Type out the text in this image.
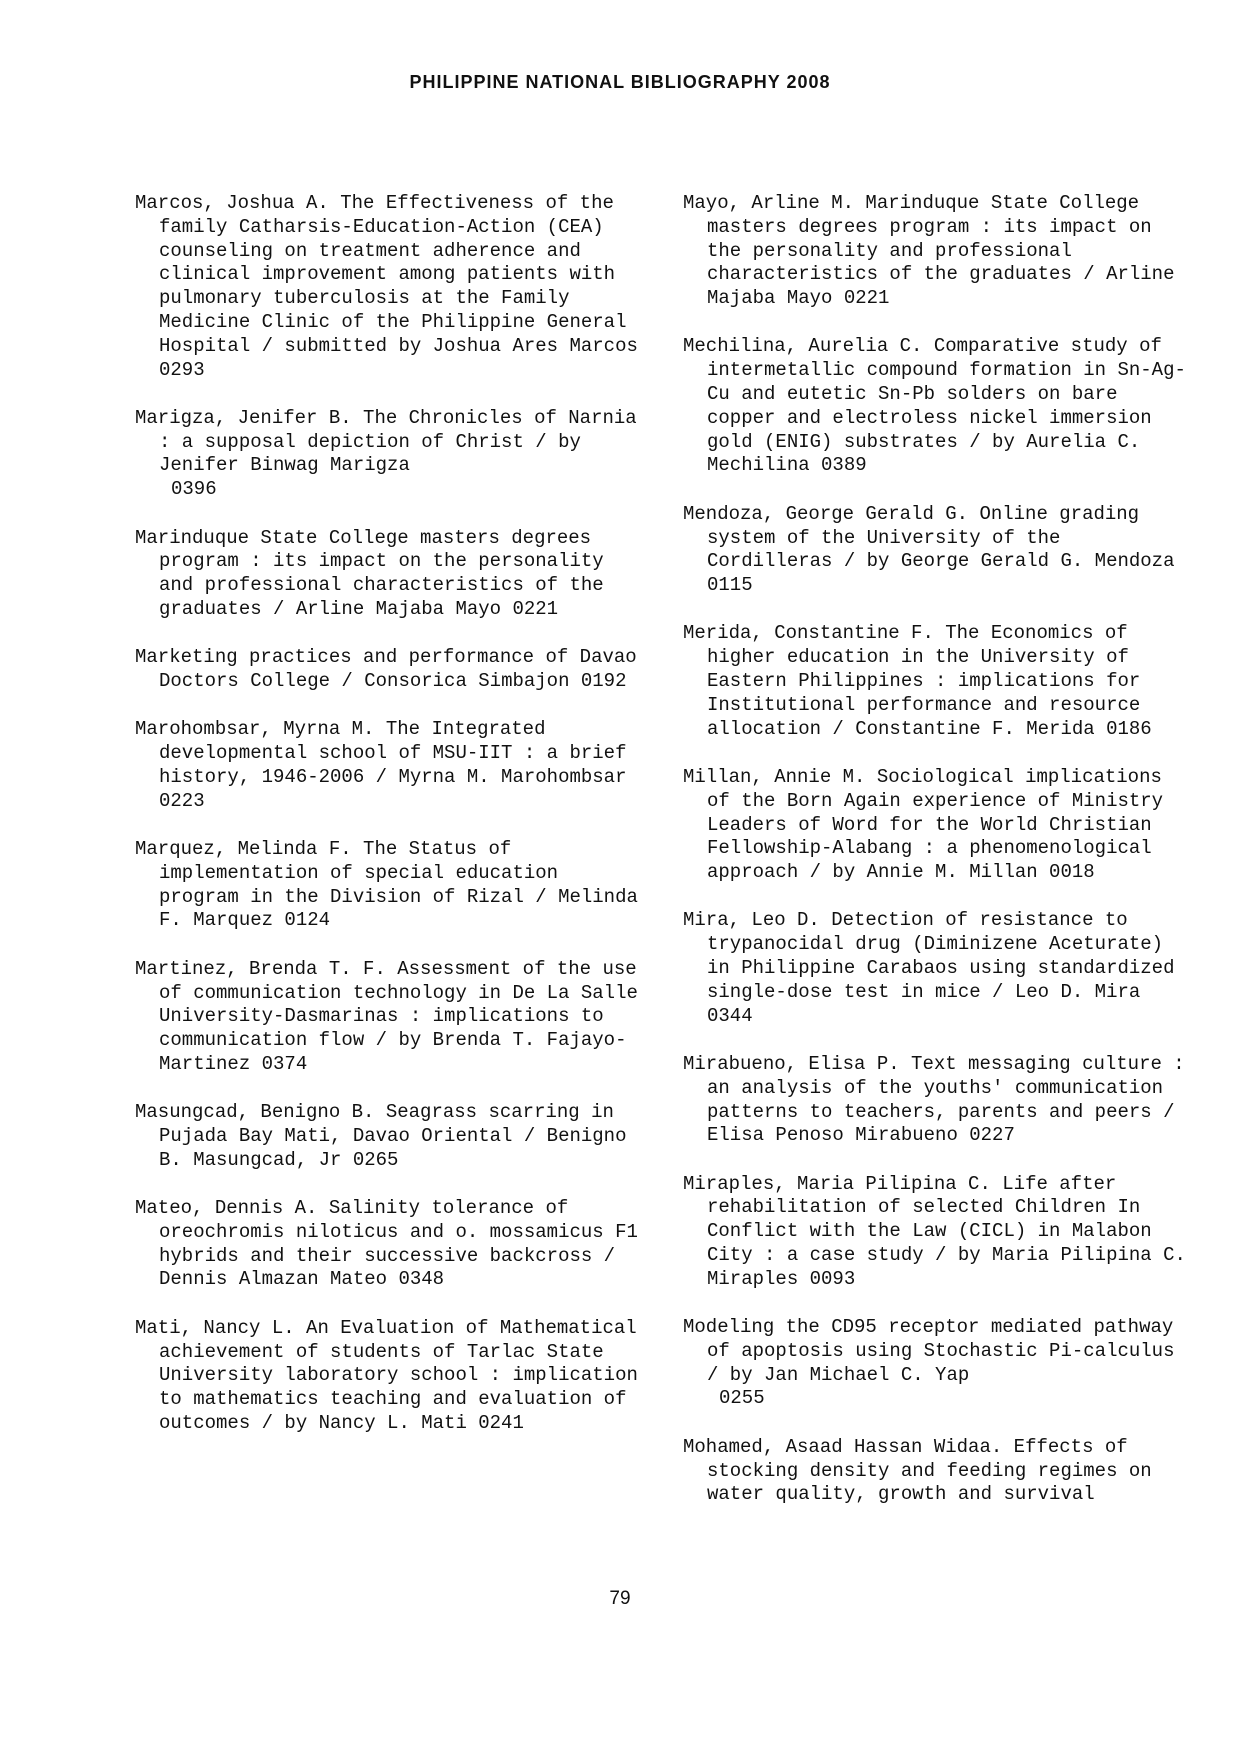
PHILIPPINE NATIONAL BIBLIOGRAPHY 2008
Marcos, Joshua A. The Effectiveness of the family Catharsis-Education-Action (CEA) counseling on treatment adherence and clinical improvement among patients with pulmonary tuberculosis at the Family Medicine Clinic of the Philippine General Hospital / submitted by Joshua Ares Marcos 0293
Marigza, Jenifer B. The Chronicles of Narnia : a supposal depiction of Christ / by Jenifer Binwag Marigza
0396
Marinduque State College masters degrees program : its impact on the personality and professional characteristics of the graduates / Arline Majaba Mayo 0221
Marketing practices and performance of Davao Doctors College / Consorica Simbajon 0192
Marohombsar, Myrna M. The Integrated developmental school of MSU-IIT : a brief history, 1946-2006 / Myrna M. Marohombsar 0223
Marquez, Melinda F. The Status of implementation of special education program in the Division of Rizal / Melinda F. Marquez 0124
Martinez, Brenda T. F. Assessment of the use of communication technology in De La Salle University-Dasmarinas : implications to communication flow / by Brenda T. Fajayo-Martinez 0374
Masungcad, Benigno B. Seagrass scarring in Pujada Bay Mati, Davao Oriental / Benigno B. Masungcad, Jr 0265
Mateo, Dennis A. Salinity tolerance of oreochromis niloticus and o. mossamicus F1 hybrids and their successive backcross / Dennis Almazan Mateo 0348
Mati, Nancy L. An Evaluation of Mathematical achievement of students of Tarlac State University laboratory school : implication to mathematics teaching and evaluation of outcomes / by Nancy L. Mati 0241
Mayo, Arline M. Marinduque State College masters degrees program : its impact on the personality and professional characteristics of the graduates / Arline Majaba Mayo 0221
Mechilina, Aurelia C. Comparative study of intermetallic compound formation in Sn-Ag-Cu and eutetic Sn-Pb solders on bare copper and electroless nickel immersion gold (ENIG) substrates / by Aurelia C. Mechilina 0389
Mendoza, George Gerald G. Online grading system of the University of the Cordilleras / by George Gerald G. Mendoza 0115
Merida, Constantine F. The Economics of higher education in the University of Eastern Philippines : implications for Institutional performance and resource allocation / Constantine F. Merida 0186
Millan, Annie M. Sociological implications of the Born Again experience of Ministry Leaders of Word for the World Christian Fellowship-Alabang : a phenomenological approach / by Annie M. Millan 0018
Mira, Leo D. Detection of resistance to trypanocidal drug (Diminizene Aceturate) in Philippine Carabaos using standardized single-dose test in mice / Leo D. Mira 0344
Mirabueno, Elisa P. Text messaging culture : an analysis of the youths' communication patterns to teachers, parents and peers / Elisa Penoso Mirabueno 0227
Miraples, Maria Pilipina C. Life after rehabilitation of selected Children In Conflict with the Law (CICL) in Malabon City : a case study / by Maria Pilipina C. Miraples 0093
Modeling the CD95 receptor mediated pathway of apoptosis using Stochastic Pi-calculus / by Jan Michael C. Yap
0255
Mohamed, Asaad Hassan Widaa. Effects of stocking density and feeding regimes on water quality, growth and survival
79
